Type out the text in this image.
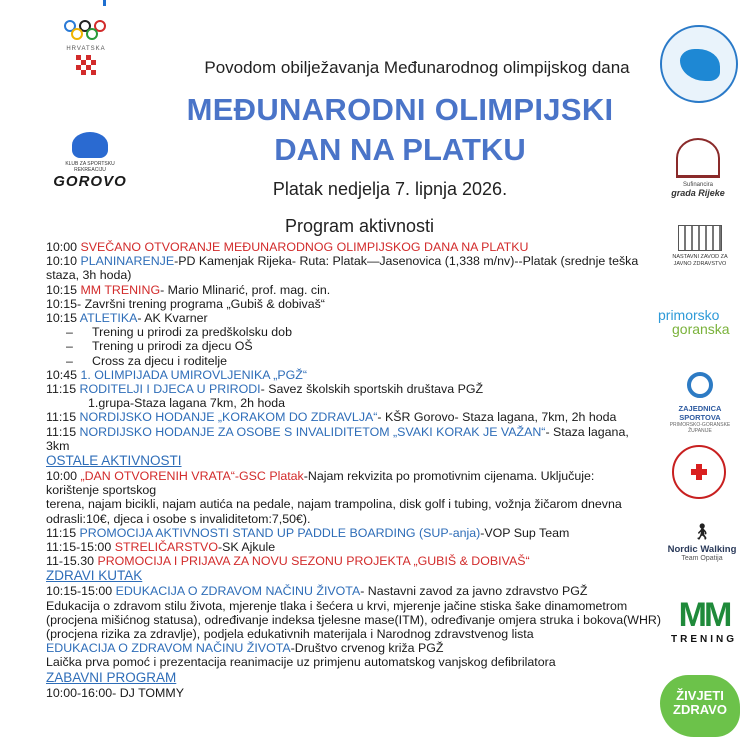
HRVATSKA
KLUB ZA SPORTSKU REKREACIJU
GOROVO	Sufinancira
grada Rijeke
NASTAVNI ZAVOD ZA JAVNO ZDRAVSTVO
primorsko
goranska
ZAJEDNICA SPORTOVA
PRIMORSKO-GORANSKE ŽUPANIJE
🚶︎
Nordic Walking
Team Opatija
MM
TRENING
ŽIVJETI
ZDRAVO
Povodom obilježavanja Međunarodnog olimpijskog dana
MEĐUNARODNI OLIMPIJSKI
DAN NA PLATKU
Platak nedjelja 7. lipnja 2026.
Program aktivnosti
10:00 SVEČANO OTVORANJE MEĐUNARODNOG OLIMPIJSKOG DANA NA PLATKU
10:10 PLANINARENJE-PD Kamenjak Rijeka- Ruta: Platak—Jasenovica (1,338 m/nv)--Platak (srednje teška
staza, 3h hoda)
10:15 MM TRENING- Mario Mlinarić, prof. mag. cin.
10:15- Završni trening programa „Gubiš & dobivaš“
10:15 ATLETIKA- AK Kvarner
– Trening u prirodi za predškolsku dob
– Trening u prirodi za djecu OŠ
– Cross za djecu i roditelje
10:45 1. OLIMPIJADA UMIROVLJENIKA „PGŽ“
11:15 RODITELJI I DJECA U PRIRODI- Savez školskih sportskih društava PGŽ
1.grupa-Staza lagana 7km, 2h hoda
11:15 NORDIJSKO HODANJE „KORAKOM DO ZDRAVLJA“- KŠR Gorovo- Staza lagana, 7km, 2h hoda
11:15 NORDIJSKO HODANJE ZA OSOBE S INVALIDITETOM „SVAKI KORAK JE VAŽAN“- Staza lagana,
3km
OSTALE AKTIVNOSTI
10:00 „DAN OTVORENIH VRATA“-GSC Platak-Najam rekvizita po promotivnim cijenama. Uključuje:
korištenje sportskog
terena, najam bicikli, najam autića na pedale, najam trampolina, disk golf i tubing, vožnja žičarom dnevna
odrasli:10€, djeca i osobe s invaliditetom:7,50€).
11:15 PROMOCIJA AKTIVNOSTI STAND UP PADDLE BOARDING (SUP-anja)-VOP Sup Team
11:15-15:00 STRELIČARSTVO-SK Ajkule
11-15.30 PROMOCIJA I PRIJAVA ZA NOVU SEZONU PROJEKTA „GUBIŠ & DOBIVAŠ“
ZDRAVI KUTAK
10:15-15:00 EDUKACIJA O ZDRAVOM NAČINU ŽIVOTA- Nastavni zavod za javno zdravstvo PGŽ
Edukacija o zdravom stilu života, mjerenje tlaka i šećera u krvi, mjerenje jačine stiska šake dinamometrom
(procjena mišićnog statusa), određivanje indeksa tjelesne mase(ITM), određivanje omjera struka i bokova(WHR)
(procjena rizika za zdravlje), podjela edukativnih materijala i Narodnog zdravstvenog lista
EDUKACIJA O ZDRAVOM NAČINU ŽIVOTA-Društvo crvenog križa PGŽ
Laička prva pomoć i prezentacija reanimacije uz primjenu automatskog vanjskog defibrilatora
ZABAVNI PROGRAM
10:00-16:00- DJ TOMMY
